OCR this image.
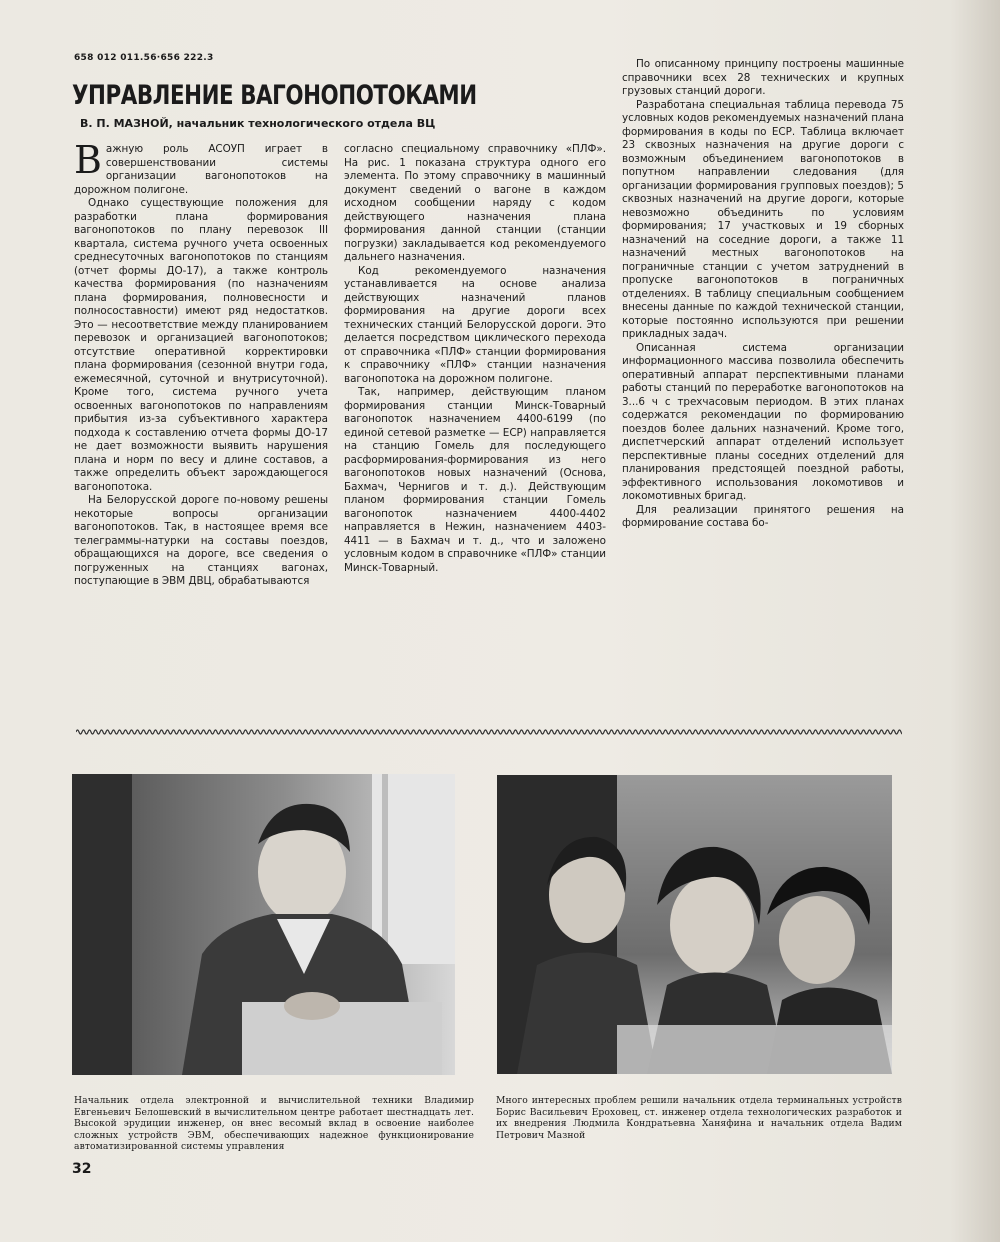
658 012 011.56·656 222.3
УПРАВЛЕНИЕ ВАГОНОПОТОКАМИ
В. П. МАЗНОЙ, начальник технологического отдела ВЦ

Важную роль АСОУП играет в совершенствовании системы организации вагонопотоков на дорожном полигоне.

Однако существующие положения для разработки плана формирования вагонопотоков по плану перевозок III квартала, система ручного учета освоенных среднесуточных вагонопотоков по станциям (отчет формы ДО-17), а также контроль качества формирования (по назначениям плана формирования, полновесности и полносоставности) имеют ряд недостатков. Это — несоответствие между планированием перевозок и организацией вагонопотоков; отсутствие оперативной корректировки плана формирования (сезонной внутри года, ежемесячной, суточной и внутрисуточной). Кроме того, система ручного учета освоенных вагонопотоков по направлениям прибытия из-за субъективного характера подхода к составлению отчета формы ДО-17 не дает возможности выявить нарушения плана и норм по весу и длине составов, а также определить объект зарождающегося вагонопотока.

На Белорусской дороге по-новому решены некоторые вопросы организации вагонопотоков. Так, в настоящее время все телеграммы-натурки на составы поездов, обращающихся на дороге, все сведения о погруженных на станциях вагонах, поступающие в ЭВМ ДВЦ, обрабатываются

согласно специальному справочнику «ПЛФ». На рис. 1 показана структура одного его элемента. По этому справочнику в машинный документ сведений о вагоне в каждом исходном сообщении наряду с кодом действующего назначения плана формирования данной станции (станции погрузки) закладывается код рекомендуемого дальнего назначения.

Код рекомендуемого назначения устанавливается на основе анализа действующих назначений планов формирования на другие дороги всех технических станций Белорусской дороги. Это делается посредством циклического перехода от справочника «ПЛФ» станции формирования к справочнику «ПЛФ» станции назначения вагонопотока на дорожном полигоне.

Так, например, действующим планом формирования станции Минск-Товарный вагонопоток назначением 4400-6199 (по единой сетевой разметке — ЕСР) направляется на станцию Гомель для последующего расформирования-формирования из него вагонопотоков новых назначений (Основа, Бахмач, Чернигов и т. д.). Действующим планом формирования станции Гомель вагонопоток назначением 4400-4402 направляется в Нежин, назначением 4403-4411 — в Бахмач и т. д., что и заложено условным кодом в справочнике «ПЛФ» станции Минск-Товарный.

По описанному принципу построены машинные справочники всех 28 технических и крупных грузовых станций дороги.

Разработана специальная таблица перевода 75 условных кодов рекомендуемых назначений плана формирования в коды по ЕСР. Таблица включает 23 сквозных назначения на другие дороги с возможным объединением вагонопотоков в попутном направлении следования (для организации формирования групповых поездов); 5 сквозных назначений на другие дороги, которые невозможно объединить по условиям формирования; 17 участковых и 19 сборных назначений на соседние дороги, а также 11 назначений местных вагонопотоков на пограничные станции с учетом затруднений в пропуске вагонопотоков в пограничных отделениях. В таблицу специальным сообщением внесены данные по каждой технической станции, которые постоянно используются при решении прикладных задач.

Описанная система организации информационного массива позволила обеспечить оперативный аппарат перспективными планами работы станций по переработке вагонопотоков на 3...6 ч с трехчасовым периодом. В этих планах содержатся рекомендации по формированию поездов более дальних назначений. Кроме того, диспетчерский аппарат отделений использует перспективные планы соседних отделений для планирования предстоящей поездной работы, эффективного использования локомотивов и локомотивных бригад.

Для реализации принятого решения на формирование состава бо-

Начальник отдела электронной и вычислительной техники Владимир Евгеньевич Белошевский в вычислительном центре работает шестнадцать лет. Высокой эрудиции инженер, он внес весомый вклад в освоение наиболее сложных устройств ЭВМ, обеспечивающих надежное функционирование автоматизированной системы управления
Много интересных проблем решили начальник отдела терминальных устройств Борис Васильевич Ероховец, ст. инженер отдела технологических разработок и их внедрения Людмила Кондратьевна Ханяфина и начальник отдела Вадим Петрович Мазной
32
